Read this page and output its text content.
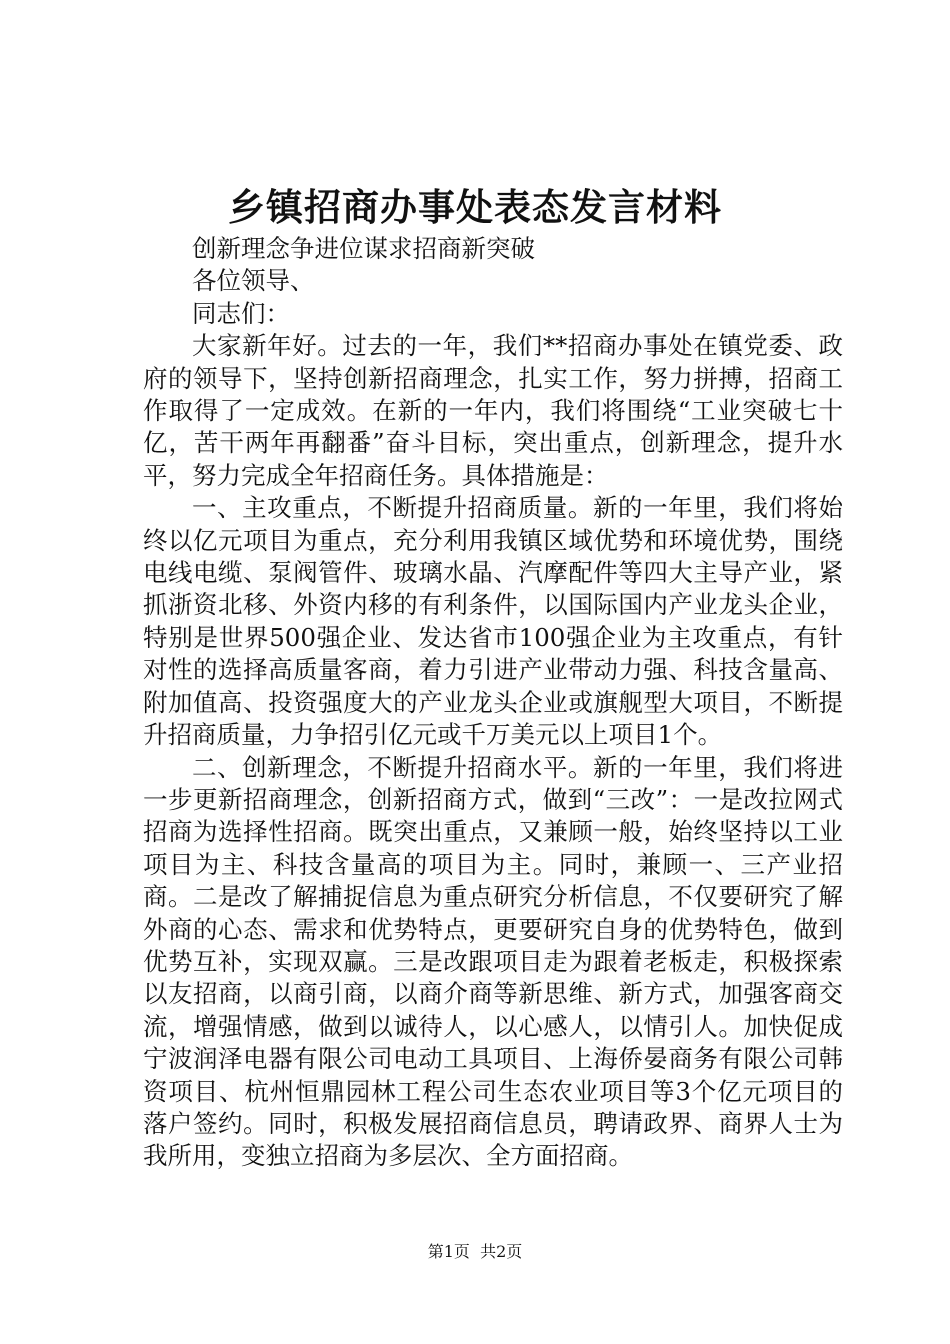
乡镇招商办事处表态发言材料

创新理念争进位谋求招商新突破

各位领导、

同志们：

大家新年好。过去的一年，我们**招商办事处在镇党委、政府的领导下，坚持创新招商理念，扎实工作，努力拼搏，招商工作取得了一定成效。在新的一年内，我们将围绕“工业突破七十亿，苦干两年再翻番”奋斗目标，突出重点，创新理念，提升水平，努力完成全年招商任务。具体措施是：

一、主攻重点，不断提升招商质量。新的一年里，我们将始终以亿元项目为重点，充分利用我镇区域优势和环境优势，围绕电线电缆、泵阀管件、玻璃水晶、汽摩配件等四大主导产业，紧抓浙资北移、外资内移的有利条件，以国际国内产业龙头企业，特别是世界500强企业、发达省市100强企业为主攻重点，有针对性的选择高质量客商，着力引进产业带动力强、科技含量高、附加值高、投资强度大的产业龙头企业或旗舰型大项目，不断提升招商质量，力争招引亿元或千万美元以上项目1个。

二、创新理念，不断提升招商水平。新的一年里，我们将进一步更新招商理念，创新招商方式，做到“三改”：一是改拉网式招商为选择性招商。既突出重点，又兼顾一般，始终坚持以工业项目为主、科技含量高的项目为主。同时，兼顾一、三产业招商。二是改了解捕捉信息为重点研究分析信息，不仅要研究了解外商的心态、需求和优势特点，更要研究自身的优势特色，做到优势互补，实现双赢。三是改跟项目走为跟着老板走，积极探索以友招商，以商引商，以商介商等新思维、新方式，加强客商交流，增强情感，做到以诚待人，以心感人，以情引人。加快促成宁波润泽电器有限公司电动工具项目、上海侨晏商务有限公司韩资项目、杭州恒鼎园林工程公司生态农业项目等3个亿元项目的落户签约。同时，积极发展招商信息员，聘请政界、商界人士为我所用，变独立招商为多层次、全方面招商。

第1页 共2页
